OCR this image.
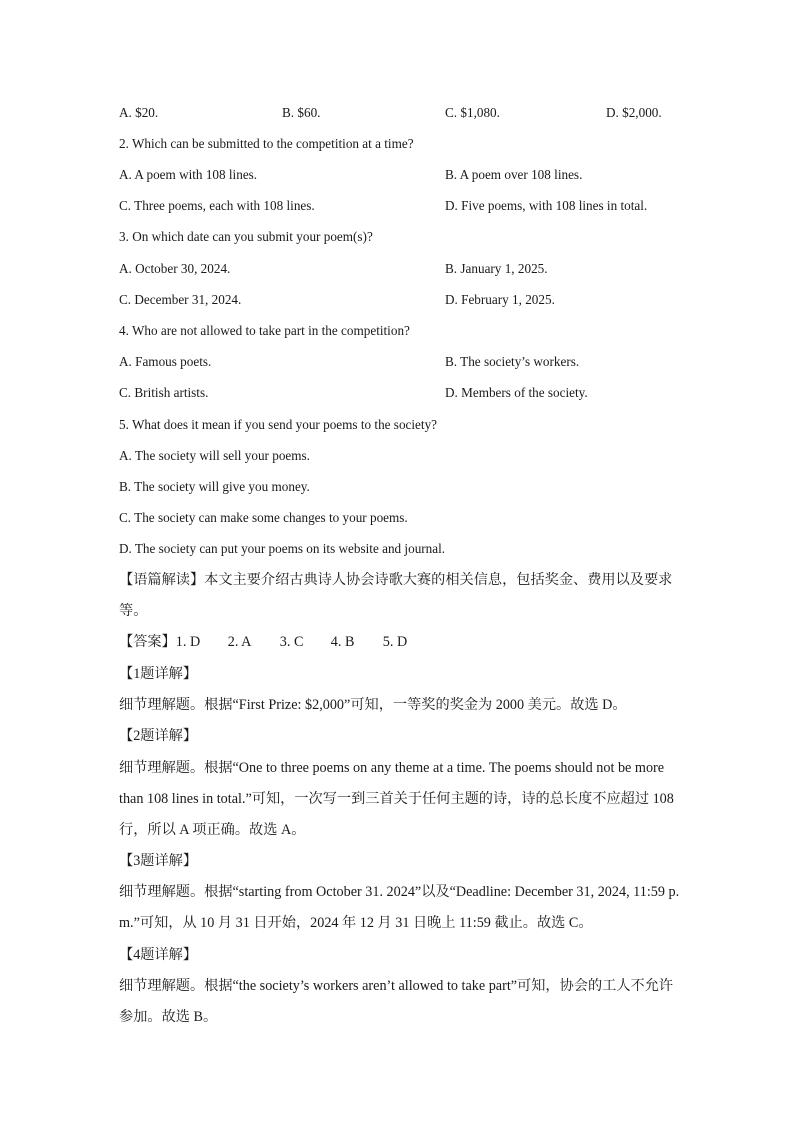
A. $20.	B. $60.	C. $1,080.	D. $2,000.
2. Which can be submitted to the competition at a time?
A. A poem with 108 lines.	B. A poem over 108 lines.
C. Three poems, each with 108 lines.	D. Five poems, with 108 lines in total.
3. On which date can you submit your poem(s)?
A. October 30, 2024.	B. January 1, 2025.
C. December 31, 2024.	D. February 1, 2025.
4. Who are not allowed to take part in the competition?
A. Famous poets.	B. The society’s workers.
C. British artists.	D. Members of the society.
5. What does it mean if you send your poems to the society?
A. The society will sell your poems.
B. The society will give you money.
C. The society can make some changes to your poems.
D. The society can put your poems on its website and journal.
【语篇解读】本文主要介绍古典诗人协会诗歌大赛的相关信息，包括奖金、费用以及要求
等。
【答案】1. D 2. A 3. C 4. B 5. D
【1题详解】
细节理解题。根据“First Prize: $2,000”可知，一等奖的奖金为 2000 美元。故选 D。
【2题详解】
细节理解题。根据“One to three poems on any theme at a time. The poems should not be more
than 108 lines in total.”可知，一次写一到三首关于任何主题的诗，诗的总长度不应超过 108
行，所以 A 项正确。故选 A。
【3题详解】
细节理解题。根据“starting from October 31. 2024”以及“Deadline: December 31, 2024, 11:59 p.
m.”可知，从 10 月 31 日开始，2024 年 12 月 31 日晚上 11:59 截止。故选 C。
【4题详解】
细节理解题。根据“the society’s workers aren’t allowed to take part”可知，协会的工人不允许
参加。故选 B。
